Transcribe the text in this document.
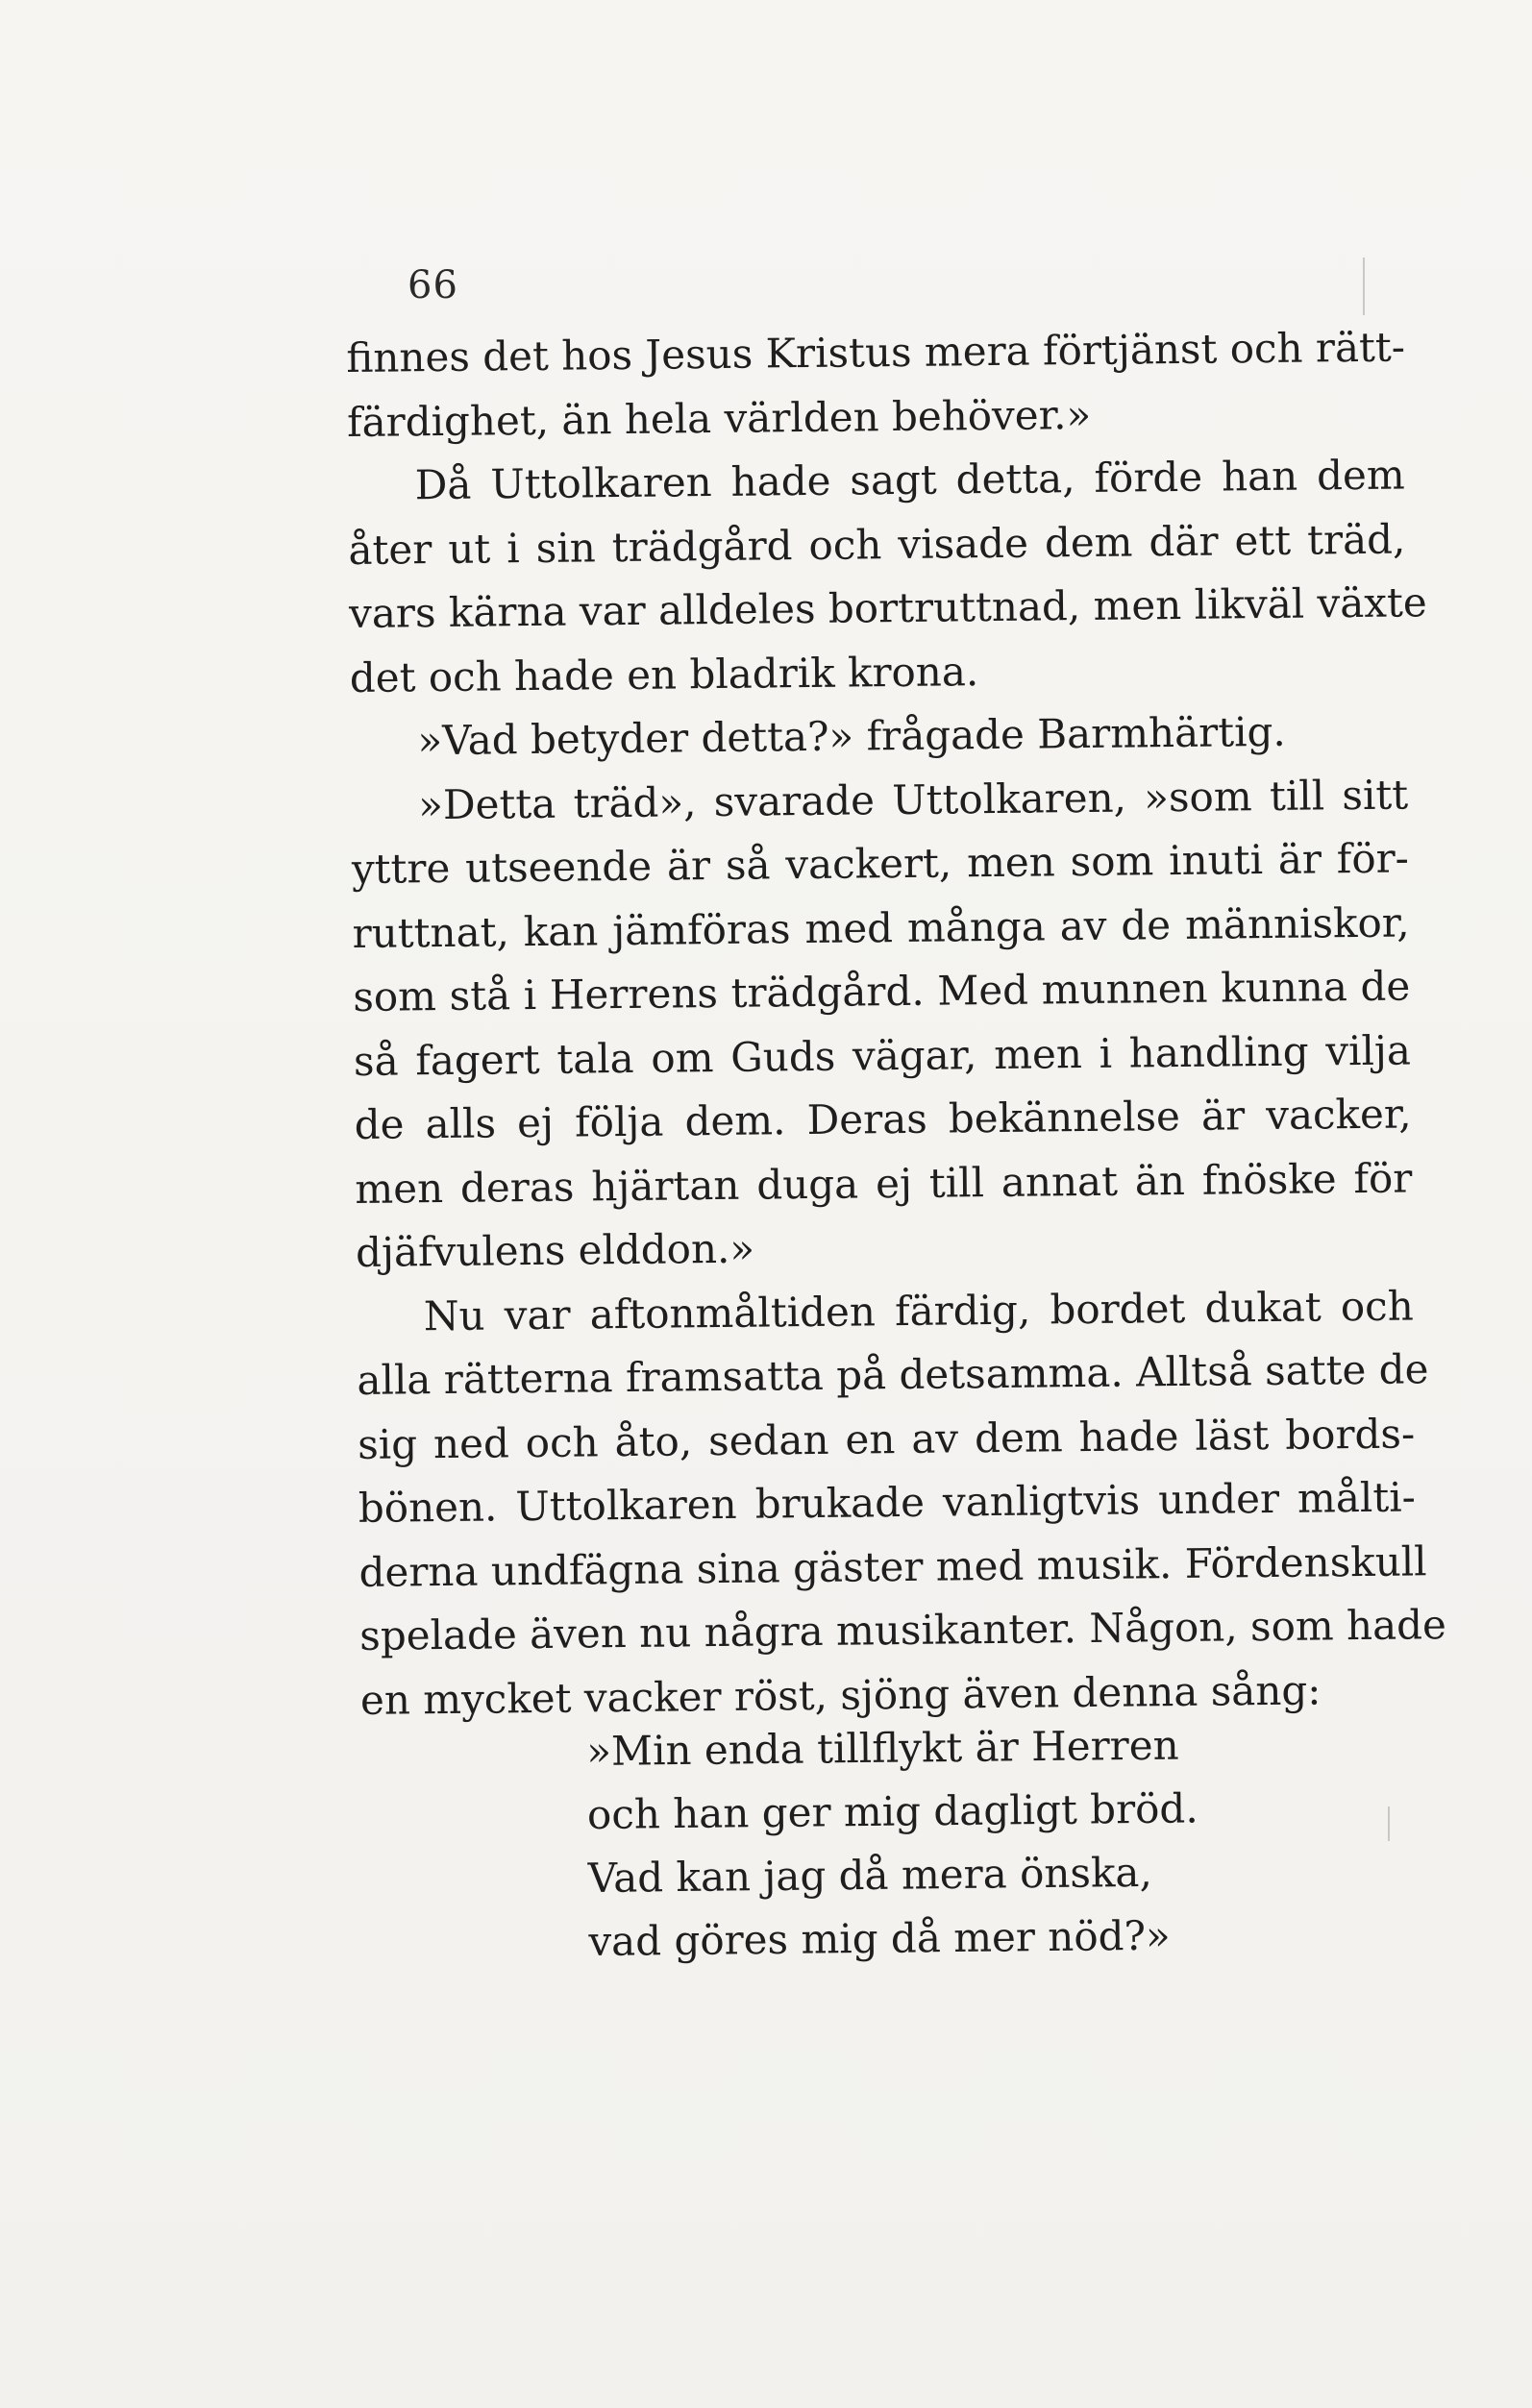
66
finnes det hos Jesus Kristus mera förtjänst och rätt-
färdighet, än hela världen behöver.»
Då Uttolkaren hade sagt detta, förde han dem
åter ut i sin trädgård och visade dem där ett träd,
vars kärna var alldeles bortruttnad, men likväl växte
det och hade en bladrik krona.
»Vad betyder detta?» frågade Barmhärtig.
»Detta träd», svarade Uttolkaren, »som till sitt
yttre utseende är så vackert, men som inuti är för-
ruttnat, kan jämföras med många av de människor,
som stå i Herrens trädgård. Med munnen kunna de
så fagert tala om Guds vägar, men i handling vilja
de alls ej följa dem. Deras bekännelse är vacker,
men deras hjärtan duga ej till annat än fnöske för
djäfvulens elddon.»
Nu var aftonmåltiden färdig, bordet dukat och
alla rätterna framsatta på detsamma. Alltså satte de
sig ned och åto, sedan en av dem hade läst bords-
bönen. Uttolkaren brukade vanligtvis under målti-
derna undfägna sina gäster med musik. Fördenskull
spelade även nu några musikanter. Någon, som hade
en mycket vacker röst, sjöng även denna sång:
»Min enda tillflykt är Herren
och han ger mig dagligt bröd.
Vad kan jag då mera önska,
vad göres mig då mer nöd?»
